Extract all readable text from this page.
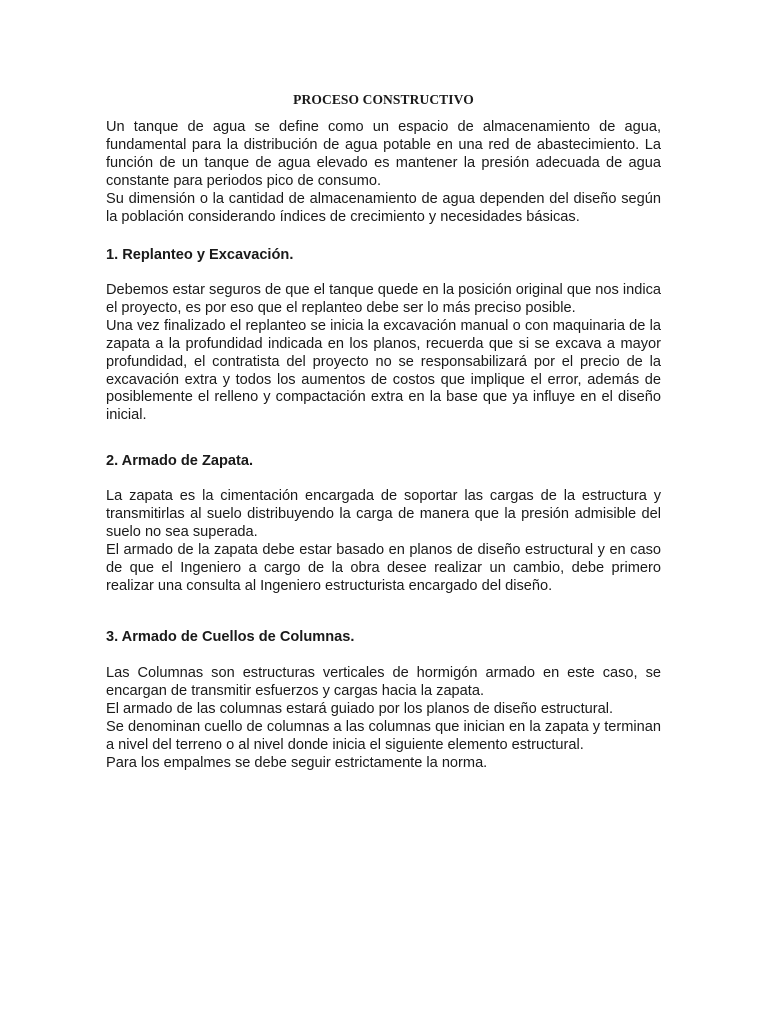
PROCESO CONSTRUCTIVO

Un tanque de agua se define como un espacio de almacenamiento de agua, fundamental para la distribución de agua potable en una red de abastecimiento. La función de un tanque de agua elevado es mantener la presión adecuada de agua constante para periodos pico de consumo.

Su dimensión o la cantidad de almacenamiento de agua dependen del diseño según la población considerando índices de crecimiento y necesidades básicas.

1. Replanteo y Excavación.

Debemos estar seguros de que el tanque quede en la posición original que nos indica el proyecto, es por eso que el replanteo debe ser lo más preciso posible.

Una vez finalizado el replanteo se inicia la excavación manual o con maquinaria de la zapata a la profundidad indicada en los planos, recuerda que si se excava a mayor profundidad, el contratista del proyecto no se responsabilizará por el precio de la excavación extra y todos los aumentos de costos que implique el error, además de posiblemente el relleno y compactación extra en la base que ya influye en el diseño inicial.

2. Armado de Zapata.

La zapata es la cimentación encargada de soportar las cargas de la estructura y transmitirlas al suelo distribuyendo la carga de manera que la presión admisible del suelo no sea superada.

El armado de la zapata debe estar basado en planos de diseño estructural y en caso de que el Ingeniero a cargo de la obra desee realizar un cambio, debe primero realizar una consulta al Ingeniero estructurista encargado del diseño.

3. Armado de Cuellos de Columnas.

Las Columnas son estructuras verticales de hormigón armado en este caso, se encargan de transmitir esfuerzos y cargas hacia la zapata.

El armado de las columnas estará guiado por los planos de diseño estructural.

Se denominan cuello de columnas a las columnas que inician en la zapata y terminan a nivel del terreno o al nivel donde inicia el siguiente elemento estructural.

Para los empalmes se debe seguir estrictamente la norma.
